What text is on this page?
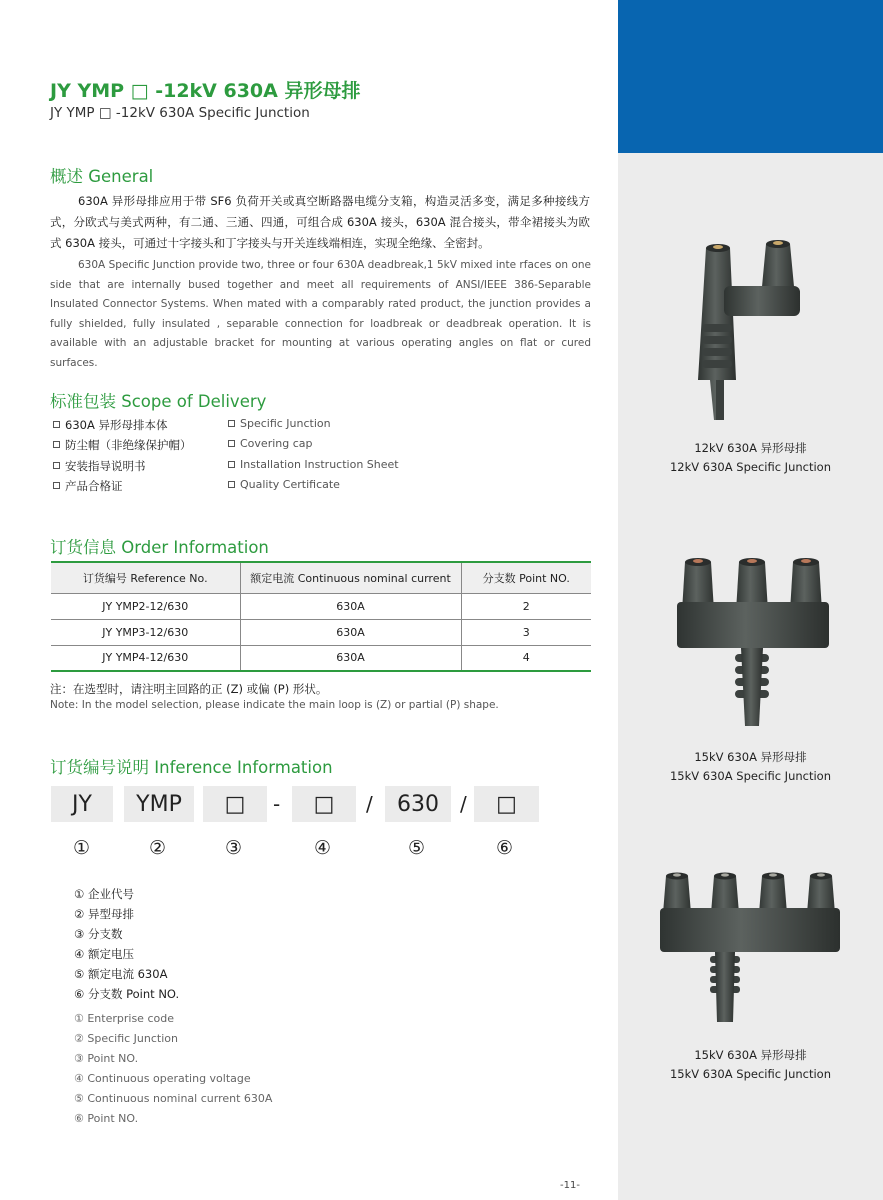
12kV 630A 异形母排
12kV 630A Specific Junction
15kV 630A 异形母排
15kV 630A Specific Junction
15kV 630A 异形母排
15kV 630A Specific Junction
JY YMP □ -12kV 630A 异形母排
JY YMP □ -12kV 630A Specific Junction
概述 General
630A 异形母排应用于带 SF6 负荷开关或真空断路器电缆分支箱，构造灵活多变，满足多种接线方式，分欧式与美式两种，有二通、三通、四通，可组合成 630A 接头，630A 混合接头，带伞裙接头为欧式 630A 接头，可通过十字接头和丁字接头与开关连线端相连，实现全绝缘、全密封。
630A Specific Junction provide two, three or four 630A deadbreak,1 5kV mixed inte rfaces on one side that are internally bused together and meet all requirements of ANSI/IEEE 386-Separable Insulated Connector Systems. When mated with a comparably rated product, the junction provides a fully shielded, fully insulated , separable connection for loadbreak or deadbreak operation. It is available with an adjustable bracket for mounting at various operating angles on flat or cured surfaces.
标准包装 Scope of Delivery
630A 异形母排本体
防尘帽（非绝缘保护帽）
安装指导说明书
产品合格证
Specific Junction
Covering cap
Installation Instruction Sheet
Quality Certificate
订货信息 Order Information
订货编号 Reference No.	额定电流 Continuous nominal current	分支数 Point NO.
JY YMP2-12/630	630A	2
JY YMP3-12/630	630A	3
JY YMP4-12/630	630A	4
注：在选型时，请注明主回路的正 (Z) 或偏 (P) 形状。
Note: In the model selection, please indicate the main loop is (Z) or partial (P) shape.
订货编号说明 Inference Information
JY	YMP	□	-	□	/	630	/	□
①	②	③	④	⑤	⑥
① 企业代号
② 异型母排
③ 分支数
④ 额定电压
⑤ 额定电流 630A
⑥ 分支数 Point NO.
① Enterprise code
② Specific Junction
③ Point NO.
④ Continuous operating voltage
⑤ Continuous nominal current 630A
⑥ Point NO.
-11-
